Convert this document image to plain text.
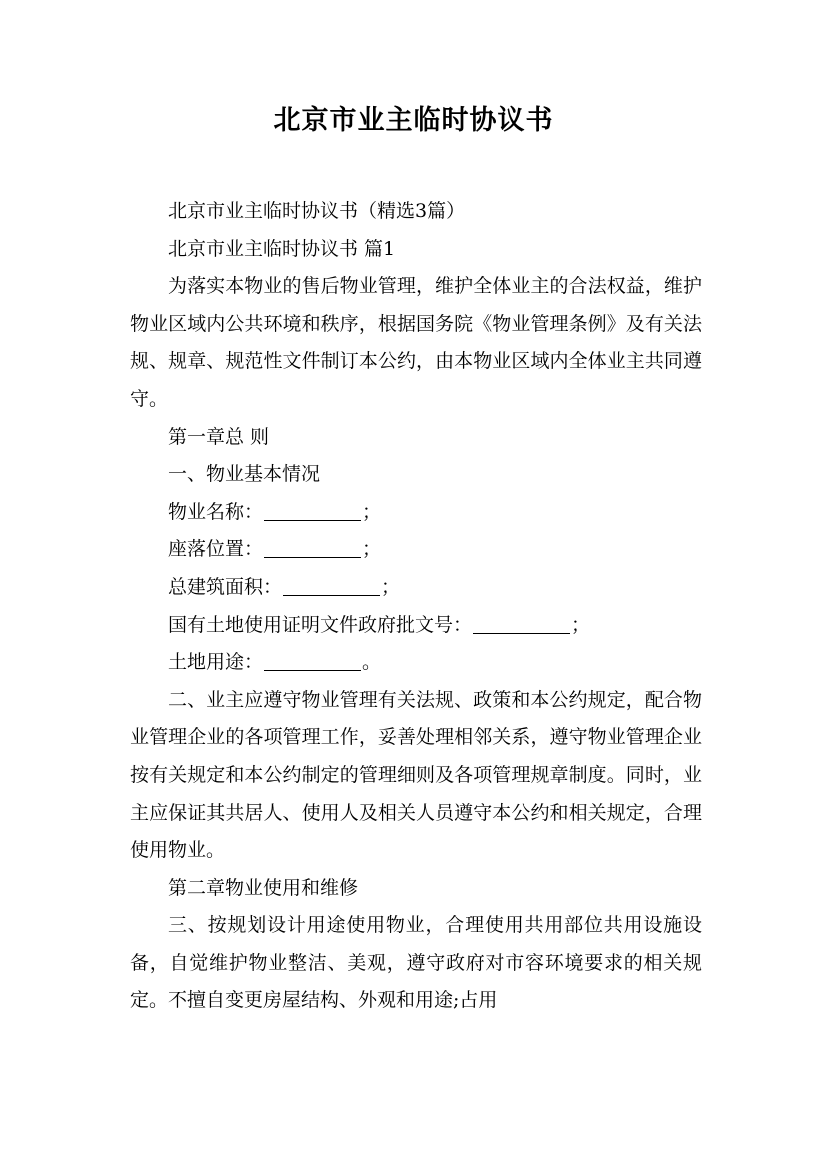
北京市业主临时协议书

北京市业主临时协议书（精选3篇）

北京市业主临时协议书 篇1

为落实本物业的售后物业管理，维护全体业主的合法权益，维护物业区域内公共环境和秩序，根据国务院《物业管理条例》及有关法规、规章、规范性文件制订本公约，由本物业区域内全体业主共同遵守。

第一章总 则

一、物业基本情况

物业名称：	；

座落位置：	；

总建筑面积：	；

国有土地使用证明文件政府批文号：	；

土地用途：	。

二、业主应遵守物业管理有关法规、政策和本公约规定，配合物业管理企业的各项管理工作，妥善处理相邻关系，遵守物业管理企业按有关规定和本公约制定的管理细则及各项管理规章制度。同时，业主应保证其共居人、使用人及相关人员遵守本公约和相关规定，合理使用物业。

第二章物业使用和维修

三、按规划设计用途使用物业，合理使用共用部位共用设施设备，自觉维护物业整洁、美观，遵守政府对市容环境要求的相关规定。不擅自变更房屋结构、外观和用途;占用
